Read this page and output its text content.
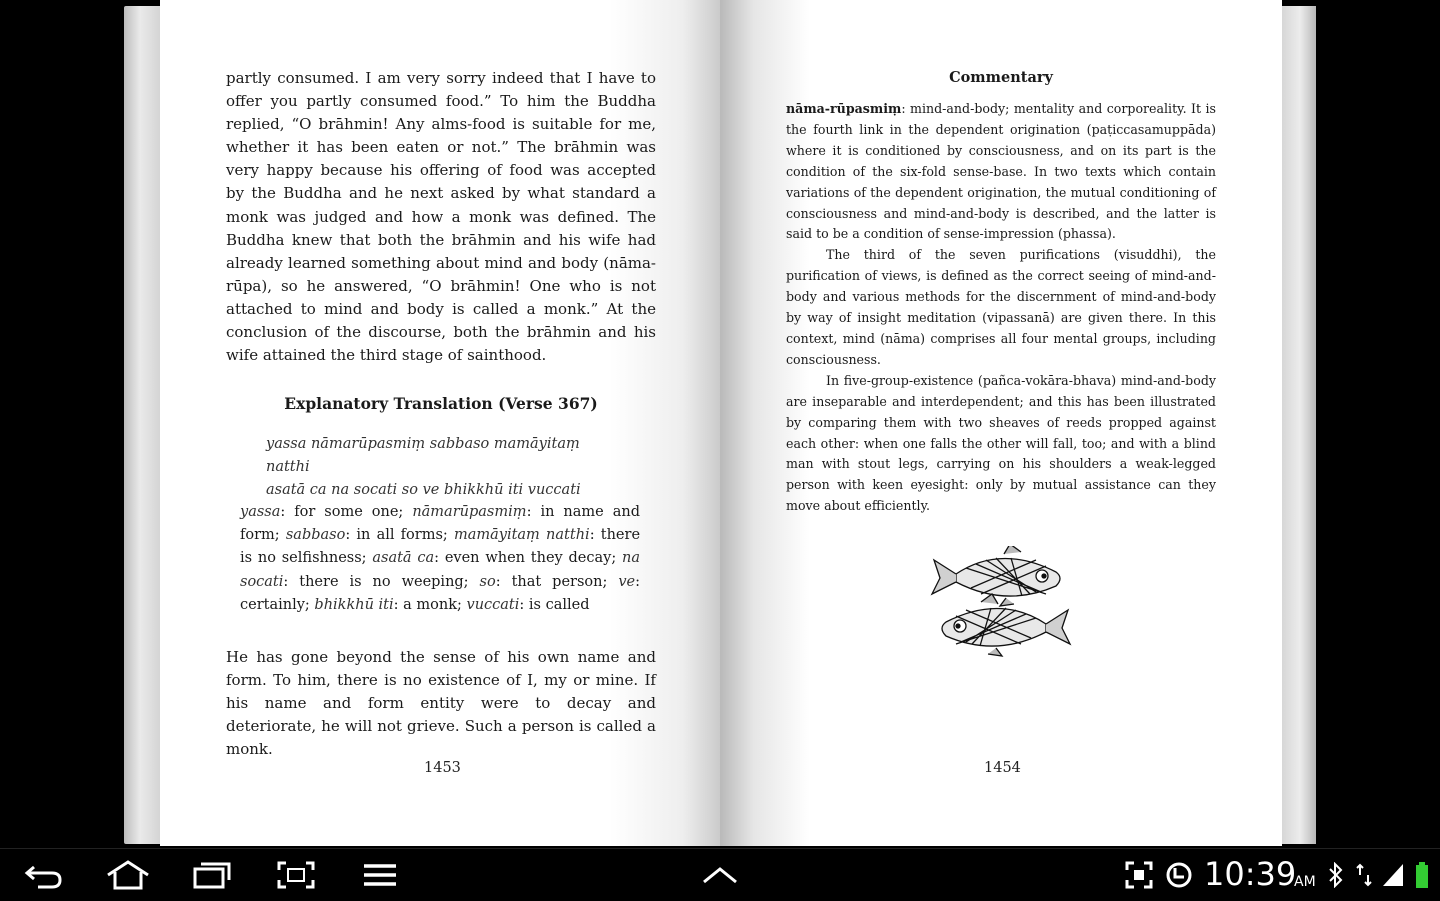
partly consumed. I am very sorry indeed that I have to offer you partly consumed food.” To him the Buddha replied, “O brāhmin! Any alms-food is suitable for me, whether it has been eaten or not.” The brāhmin was very happy because his offering of food was accepted by the Buddha and he next asked by what standard a monk was judged and how a monk was defined. The Buddha knew that both the brāhmin and his wife had already learned something about mind and body (nāma-rūpa), so he answered, “O brāhmin! One who is not attached to mind and body is called a monk.” At the conclusion of the discourse, both the brāhmin and his wife attained the third stage of sainthood.
Explanatory Translation (Verse 367)
yassa nāmarūpasmiṃ sabbaso mamāyitaṃ natthi
asatā ca na socati so ve bhikkhū iti vuccati
yassa: for some one; nāmarūpasmiṃ: in name and form; sabbaso: in all forms; mamāyitaṃ natthi: there is no selfishness; asatā ca: even when they decay; na socati: there is no weeping; so: that person; ve: certainly; bhikkhū iti: a monk; vuccati: is called
He has gone beyond the sense of his own name and form. To him, there is no existence of I, my or mine. If his name and form entity were to decay and deteriorate, he will not grieve. Such a person is called a monk.
1453
Commentary

nāma-rūpasmiṃ: mind-and-body; mentality and corporeality. It is the fourth link in the dependent origination (paṭiccasamuppāda) where it is conditioned by consciousness, and on its part is the condition of the six-fold sense-base. In two texts which contain variations of the dependent origination, the mutual conditioning of consciousness and mind-and-body is described, and the latter is said to be a condition of sense-impression (phassa).

The third of the seven purifications (visuddhi), the purification of views, is defined as the correct seeing of mind-and-body and various methods for the discernment of mind-and-body by way of insight meditation (vipassanā) are given there. In this context, mind (nāma) comprises all four mental groups, including consciousness.

In five-group-existence (pañca-vokāra-bhava) mind-and-body are inseparable and interdependent; and this has been illustrated by comparing them with two sheaves of reeds propped against each other: when one falls the other will fall, too; and with a blind man with stout legs, carrying on his shoulders a weak-legged person with keen eyesight: only by mutual assistance can they move about efficiently.

1454
10:39
AM
